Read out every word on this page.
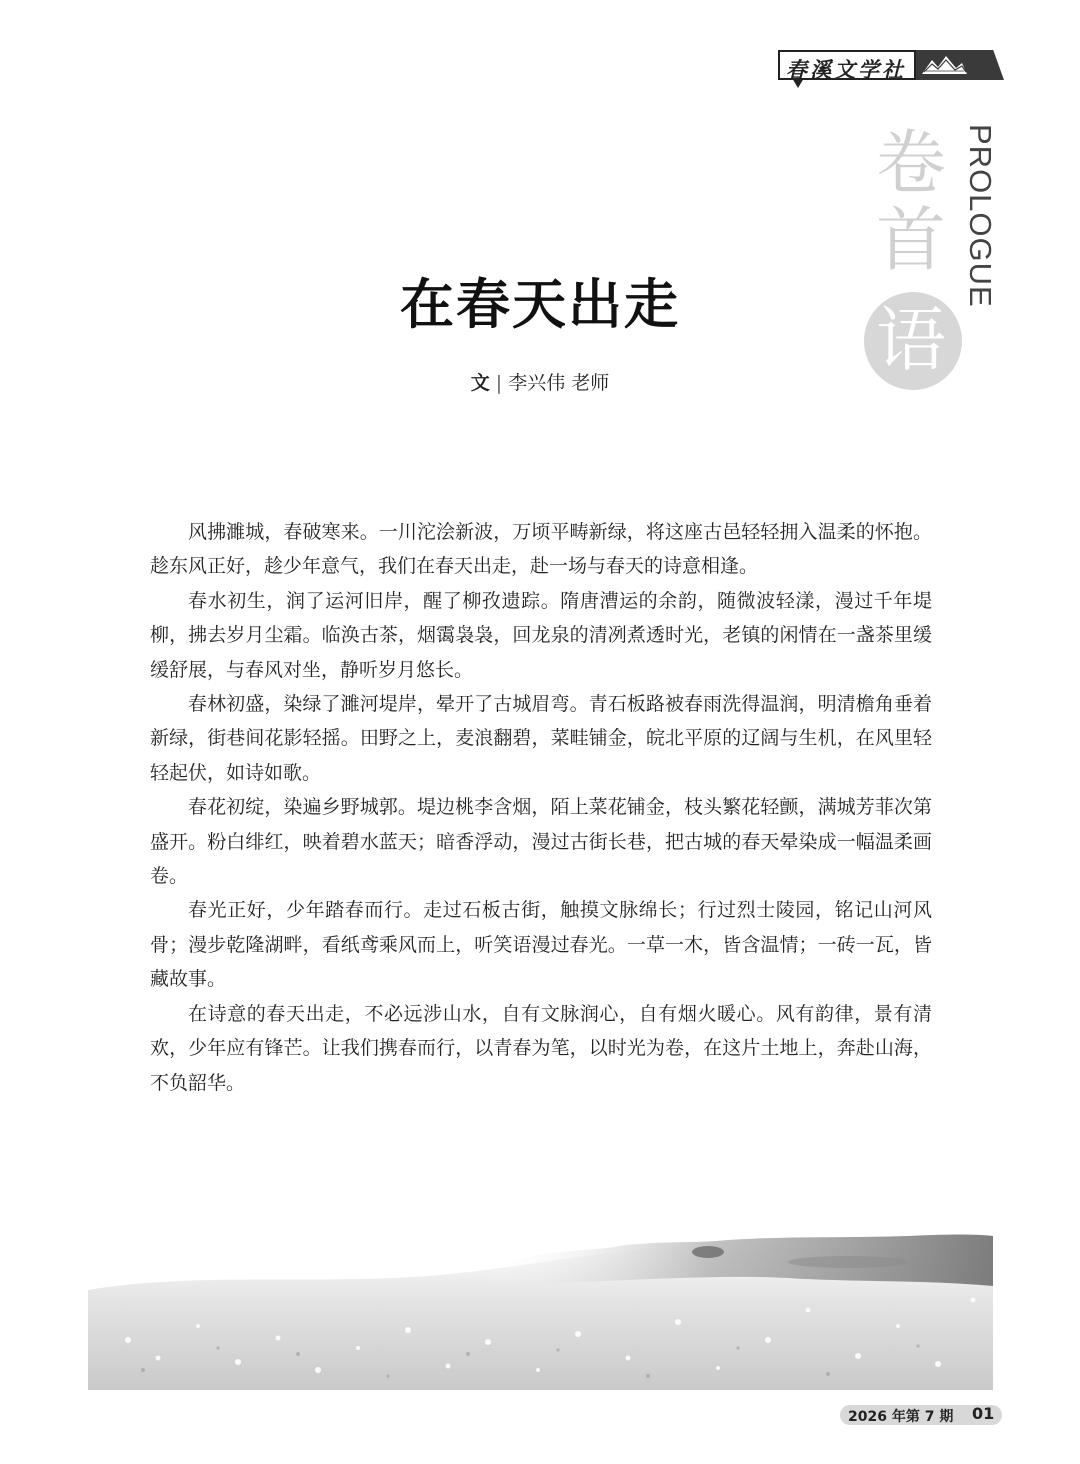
春溪文学社
卷
首
语
PROLOGUE
在春天出走
文 | 李兴伟 老师

风拂濉城，春破寒来。一川沱浍新波，万顷平畴新绿，将这座古邑轻轻拥入温柔的怀抱。趁东风正好，趁少年意气，我们在春天出走，赴一场与春天的诗意相逢。

春水初生，润了运河旧岸，醒了柳孜遗踪。隋唐漕运的余韵，随微波轻漾，漫过千年堤柳，拂去岁月尘霜。临涣古茶，烟霭袅袅，回龙泉的清冽煮透时光，老镇的闲情在一盏茶里缓缓舒展，与春风对坐，静听岁月悠长。

春林初盛，染绿了濉河堤岸，晕开了古城眉弯。青石板路被春雨洗得温润，明清檐角垂着新绿，街巷间花影轻摇。田野之上，麦浪翻碧，菜畦铺金，皖北平原的辽阔与生机，在风里轻轻起伏，如诗如歌。

春花初绽，染遍乡野城郭。堤边桃李含烟，陌上菜花铺金，枝头繁花轻颤，满城芳菲次第盛开。粉白绯红，映着碧水蓝天；暗香浮动，漫过古街长巷，把古城的春天晕染成一幅温柔画卷。

春光正好，少年踏春而行。走过石板古街，触摸文脉绵长；行过烈士陵园，铭记山河风骨；漫步乾隆湖畔，看纸鸢乘风而上，听笑语漫过春光。一草一木，皆含温情；一砖一瓦，皆藏故事。

在诗意的春天出走，不必远涉山水，自有文脉润心，自有烟火暖心。风有韵律，景有清欢，少年应有锋芒。让我们携春而行，以青春为笔，以时光为卷，在这片土地上，奔赴山海，不负韶华。

2026 年第 7 期 01
